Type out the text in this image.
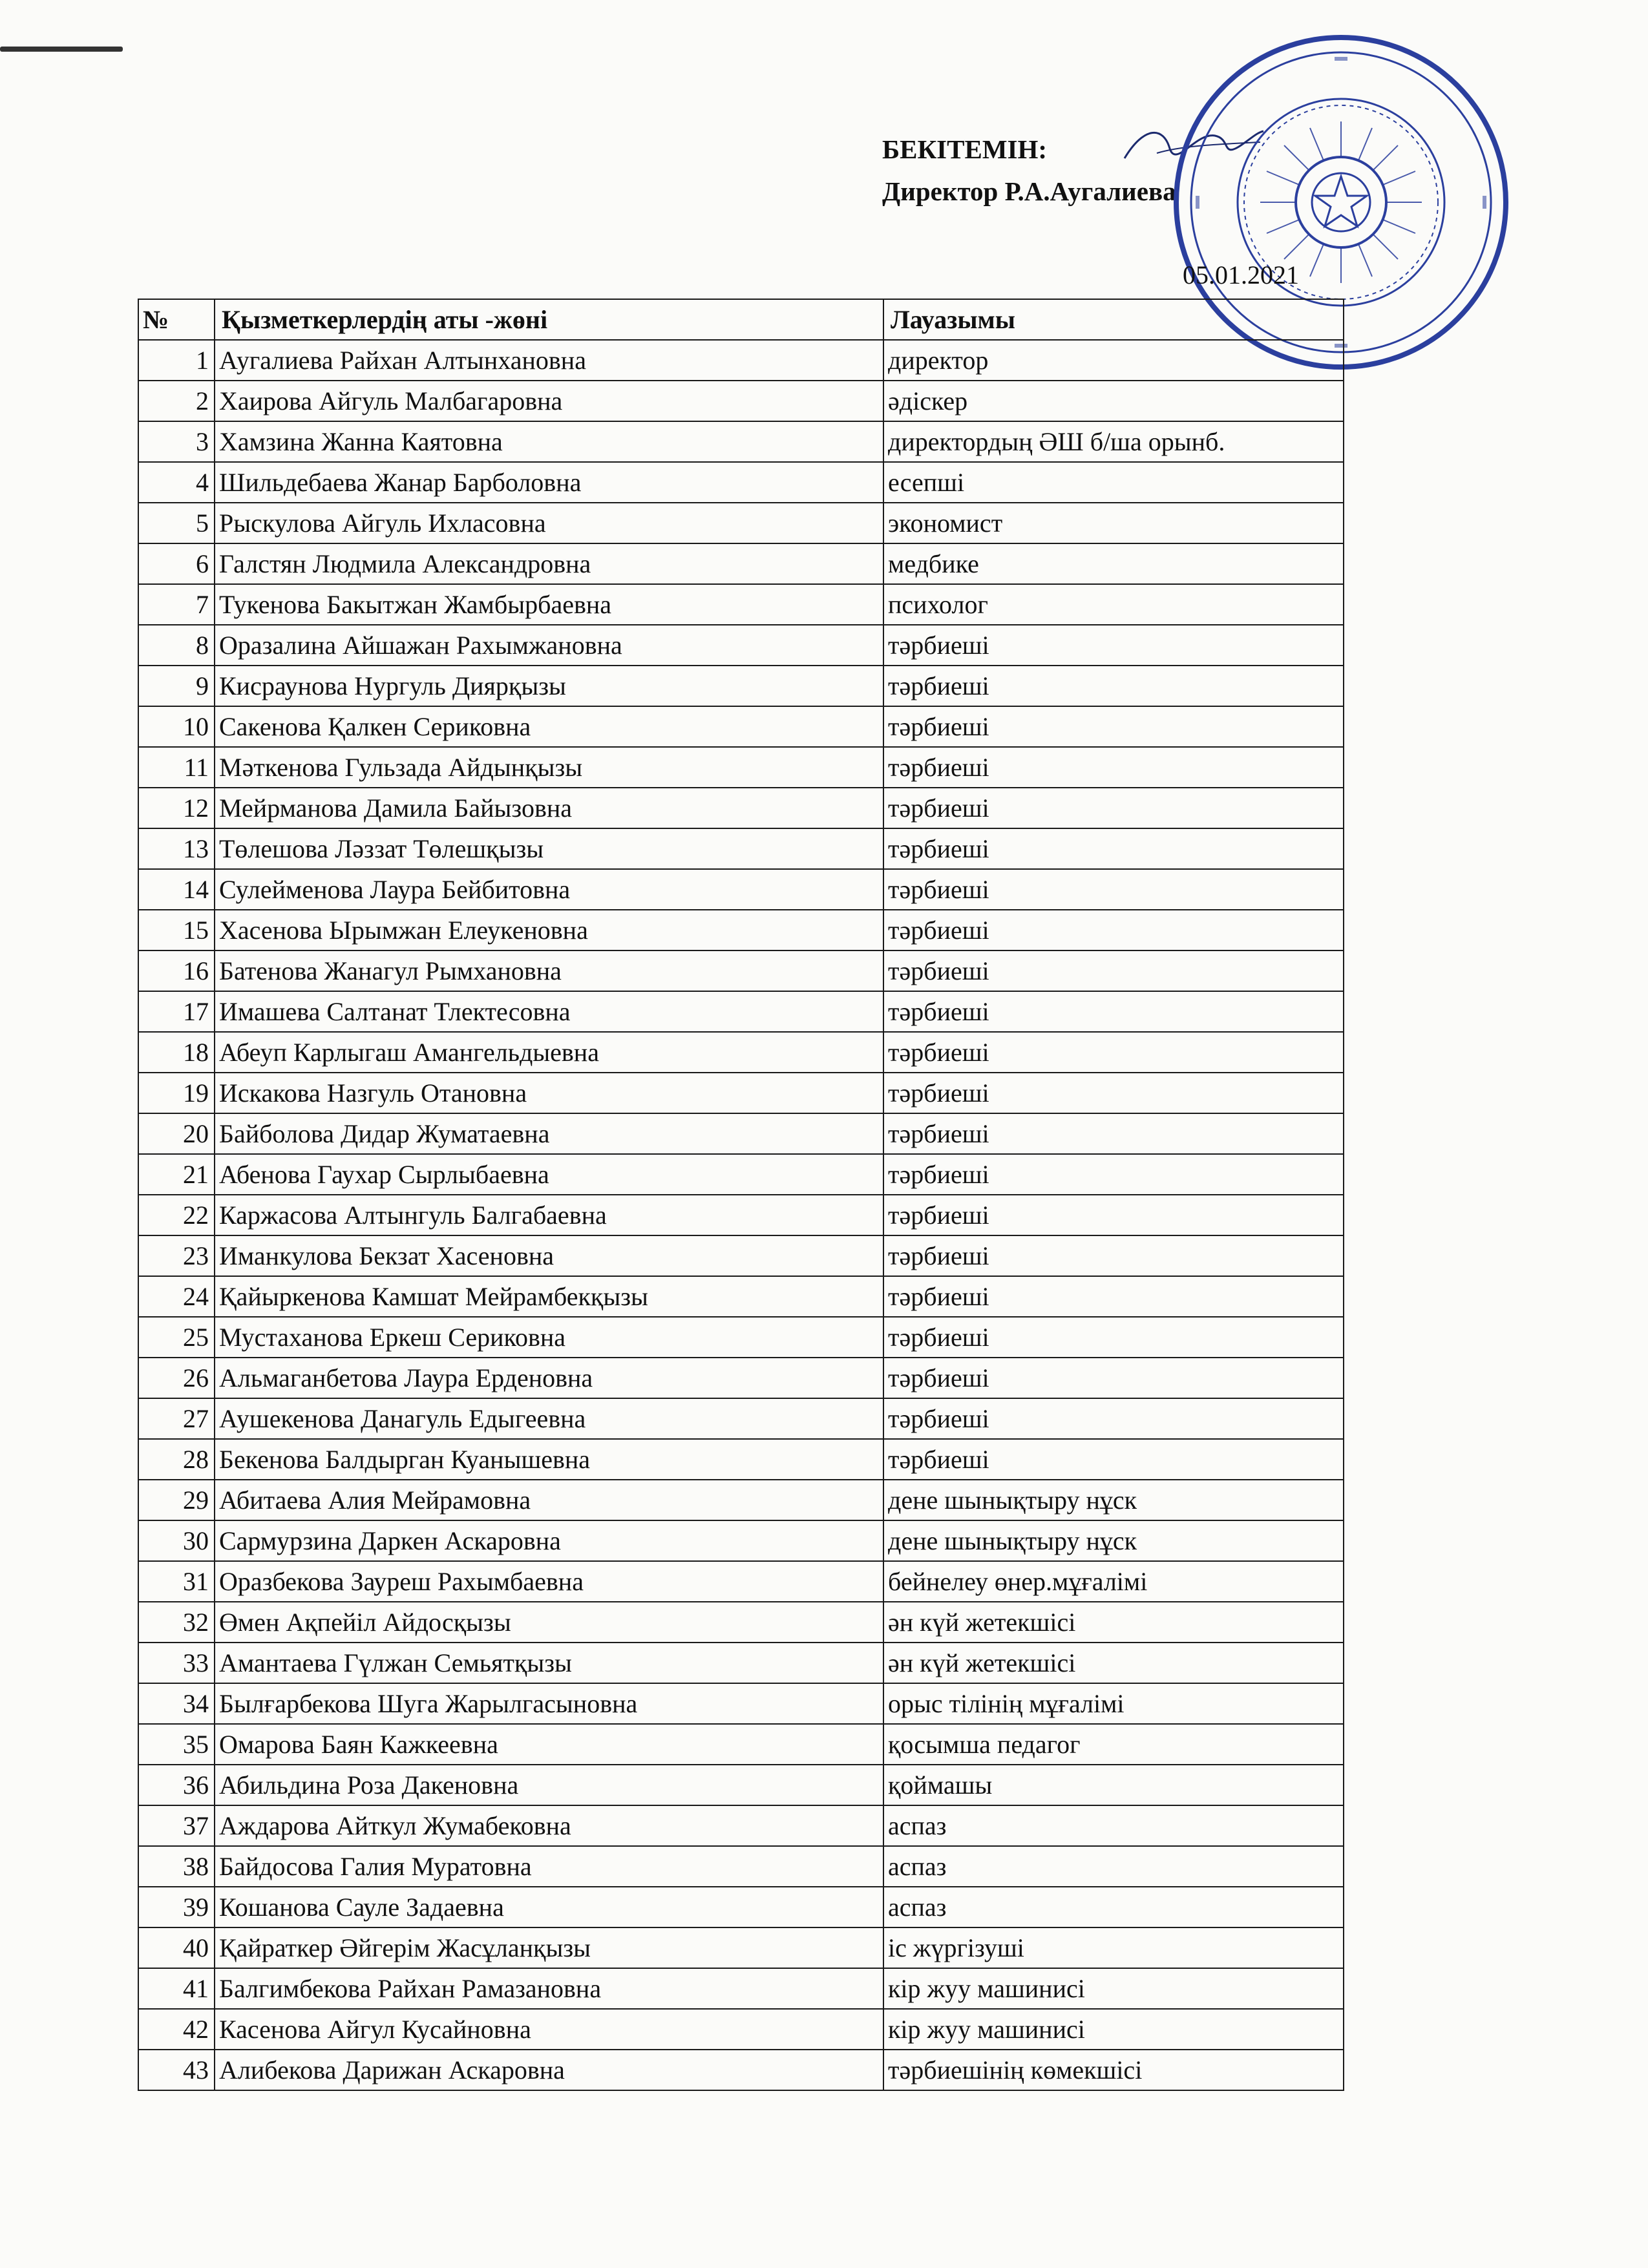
БЕКІТЕМІН:
Директор Р.А.Аугалиева
05.01.2021
№	Қызметкерлердің аты -жөні	Лауазымы
1	Аугалиева Райхан Алтынхановна	директор
2	Хаирова Айгуль Малбагаровна	әдіскер
3	Хамзина Жанна Каятовна	директордың ӘШ б/ша орынб.
4	Шильдебаева Жанар Барболовна	есепші
5	Рыскулова Айгуль Ихласовна	экономист
6	Галстян Людмила Александровна	медбике
7	Тукенова Бакытжан Жамбырбаевна	психолог
8	Оразалина Айшажан Рахымжановна	тәрбиеші
9	Кисраунова Нургуль Диярқызы	тәрбиеші
10	Сакенова Қалкен Сериковна	тәрбиеші
11	Мәткенова Гульзада Айдынқызы	тәрбиеші
12	Мейрманова Дамила Байызовна	тәрбиеші
13	Төлешова Ләззат Төлешқызы	тәрбиеші
14	Сулейменова Лаура Бейбитовна	тәрбиеші
15	Хасенова Ырымжан Елеукеновна	тәрбиеші
16	Батенова Жанагул Рымхановна	тәрбиеші
17	Имашева Салтанат Тлектесовна	тәрбиеші
18	Абеуп Карлыгаш Амангельдыевна	тәрбиеші
19	Искакова Назгуль Отановна	тәрбиеші
20	Байболова Дидар Жуматаевна	тәрбиеші
21	Абенова Гаухар Сырлыбаевна	тәрбиеші
22	Каржасова Алтынгуль Балгабаевна	тәрбиеші
23	Иманкулова Бекзат Хасеновна	тәрбиеші
24	Қайыркенова Камшат Мейрамбекқызы	тәрбиеші
25	Мустаханова Еркеш Сериковна	тәрбиеші
26	Альмаганбетова Лаура Ерденовна	тәрбиеші
27	Аушекенова Данагуль Едыгеевна	тәрбиеші
28	Бекенова Балдырган Куанышевна	тәрбиеші
29	Абитаева Алия Мейрамовна	дене шынықтыру нұск
30	Сармурзина Даркен Аскаровна	дене шынықтыру нұск
31	Оразбекова Зауреш Рахымбаевна	бейнелеу өнер.мұғалімі
32	Өмен Ақпейіл Айдосқызы	ән күй жетекшісі
33	Амантаева Гүлжан Семьятқызы	ән күй жетекшісі
34	Былғарбекова Шуга Жарылгасыновна	орыс тілінің мұғалімі
35	Омарова Баян Кажкеевна	қосымша педагог
36	Абильдина Роза Дакеновна	қоймашы
37	Аждарова Айткул Жумабековна	аспаз
38	Байдосова Галия Муратовна	аспаз
39	Кошанова Сауле Задаевна	аспаз
40	Қайраткер Әйгерім Жасұланқызы	іс жүргізуші
41	Балгимбекова Райхан Рамазановна	кір жуу машинисі
42	Касенова Айгул Кусайновна	кір жуу машинисі
43	Алибекова Дарижан Аскаровна	тәрбиешінің көмекшісі
